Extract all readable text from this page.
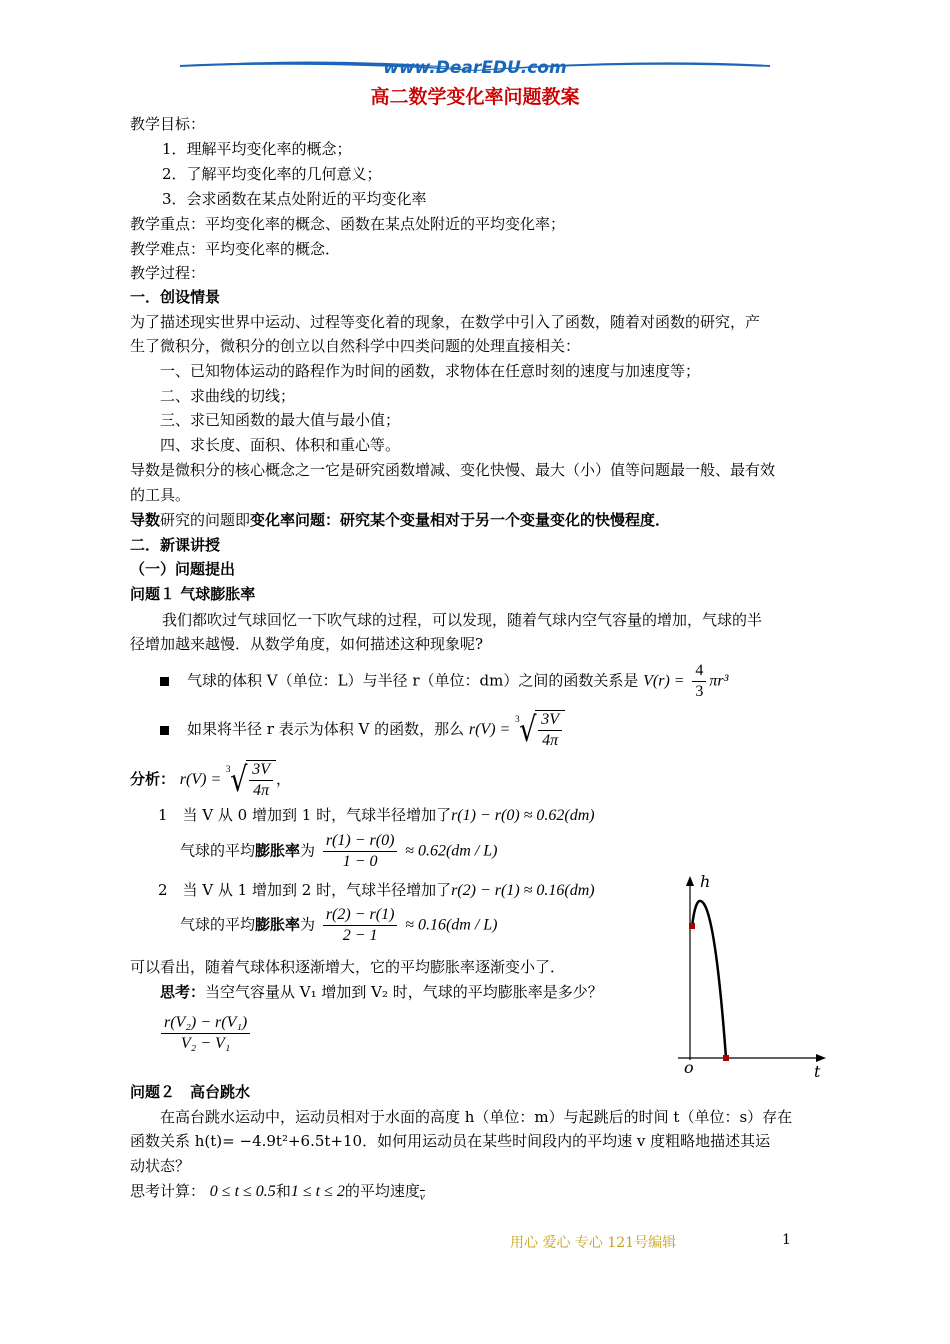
www.DearEDU.com
高二数学变化率问题教案
教学目标：
1．理解平均变化率的概念；
2．了解平均变化率的几何意义；
3．会求函数在某点处附近的平均变化率
教学重点：平均变化率的概念、函数在某点处附近的平均变化率；
教学难点：平均变化率的概念．
教学过程：
一．创设情景
为了描述现实世界中运动、过程等变化着的现象，在数学中引入了函数，随着对函数的研究，产
生了微积分，微积分的创立以自然科学中四类问题的处理直接相关：
一、已知物体运动的路程作为时间的函数，求物体在任意时刻的速度与加速度等；
二、求曲线的切线；
三、求已知函数的最大值与最小值；
四、求长度、面积、体积和重心等。
导数是微积分的核心概念之一它是研究函数增减、变化快慢、最大（小）值等问题最一般、最有效
的工具。
导数研究的问题即变化率问题：研究某个变量相对于另一个变量变化的快慢程度．
二．新课讲授
（一）问题提出
问题１ 气球膨胀率
我们都吹过气球回忆一下吹气球的过程，可以发现，随着气球内空气容量的增加，气球的半
径增加越来越慢．从数学角度，如何描述这种现象呢?
气球的体积 V（单位：L）与半径 r（单位：dm）之间的函数关系是 $V(r) = \frac{4}{3} \pi r^3$
如果将半径 r 表示为体积 V 的函数，那么 r(V) =
3 √ $\frac{3V}{4\pi}$
分析： r(V) =
3 √ $\frac{3V}{4\pi}$ ，
1　当 V 从 0 增加到 1 时，气球半径增加了r(1) − r(0) ≈ 0.62(dm)
气球的平均膨胀率为 $\frac{r(1) - r(0)}{1 - 0} \approx 0.62(dm / L)$
2　当 V 从 1 增加到 2 时，气球半径增加了r(2) − r(1) ≈ 0.16(dm)
气球的平均膨胀率为 $\frac{r(2) - r(1)}{2 - 1} \approx 0.16(dm / L)$
可以看出，随着气球体积逐渐增大，它的平均膨胀率逐渐变小了．
思考：当空气容量从 V₁ 增加到 V₂ 时，气球的平均膨胀率是多少？
$\frac{\text{r(V₂) − r(V₁)}}{\text{V₂ − V₁}}$
h
t
o
问题２　高台跳水
在高台跳水运动中，运动员相对于水面的高度 h（单位：m）与起跳后的时间 t（单位：s）存在
函数关系 h(t)= −4.9t²+6.5t+10．如何用运动员在某些时间段内的平均速 v 度粗略地描述其运
动状态？
思考计算： 0 ≤ t ≤ 0.5和1 ≤ t ≤ 2的平均速度$_{\overline{v}}$
用心 爱心 专心 121号编辑	1
